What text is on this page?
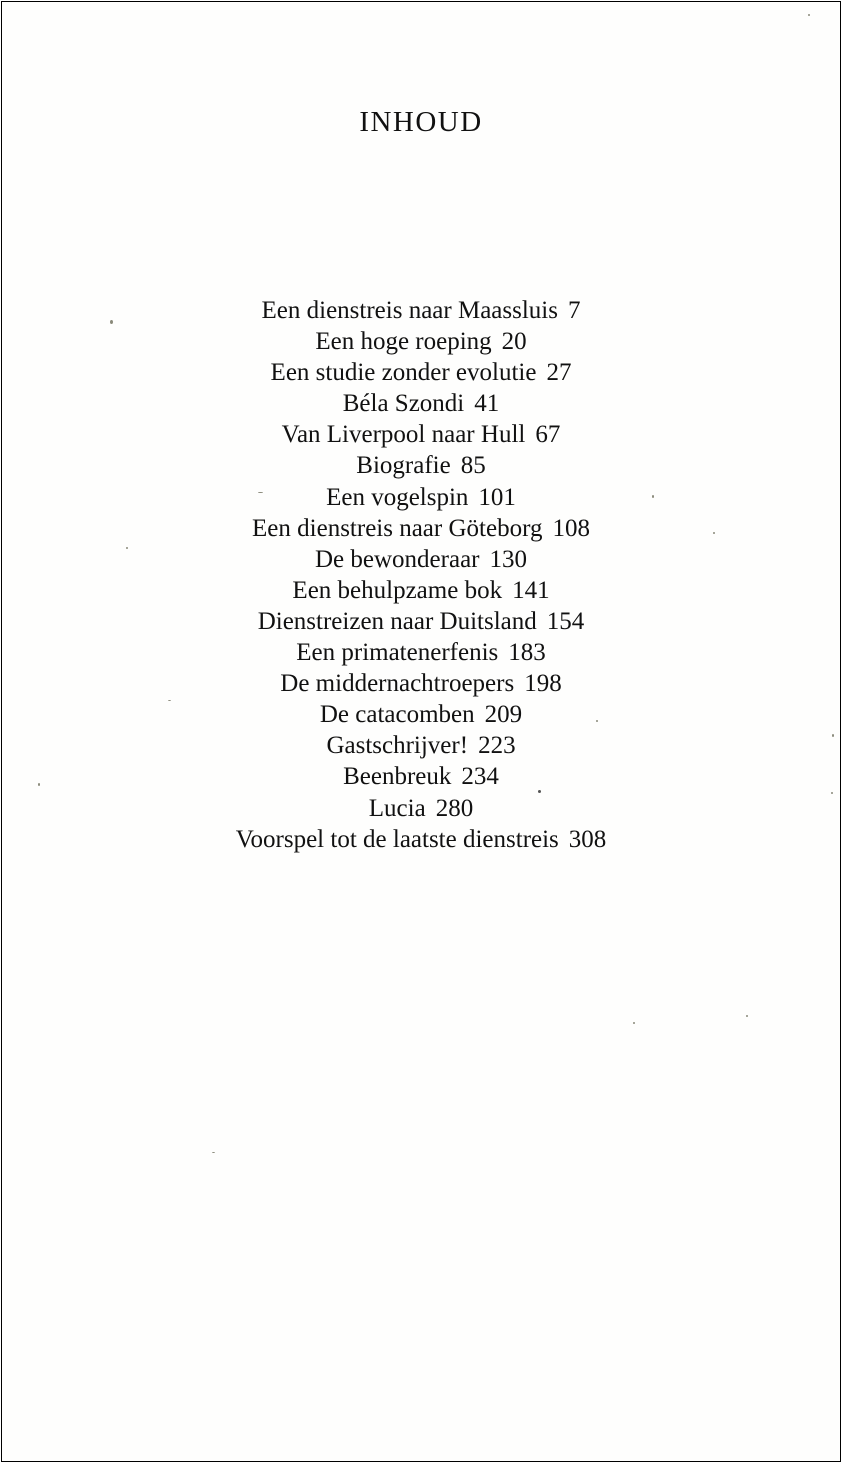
INHOUD
Een dienstreis naar Maassluis 7
Een hoge roeping 20
Een studie zonder evolutie 27
Béla Szondi 41
Van Liverpool naar Hull 67
Biografie 85
Een vogelspin 101
Een dienstreis naar Göteborg 108
De bewonderaar 130
Een behulpzame bok 141
Dienstreizen naar Duitsland 154
Een primatenerfenis 183
De middernachtroepers 198
De catacomben 209
Gastschrijver! 223
Beenbreuk 234
Lucia 280
Voorspel tot de laatste dienstreis 308
